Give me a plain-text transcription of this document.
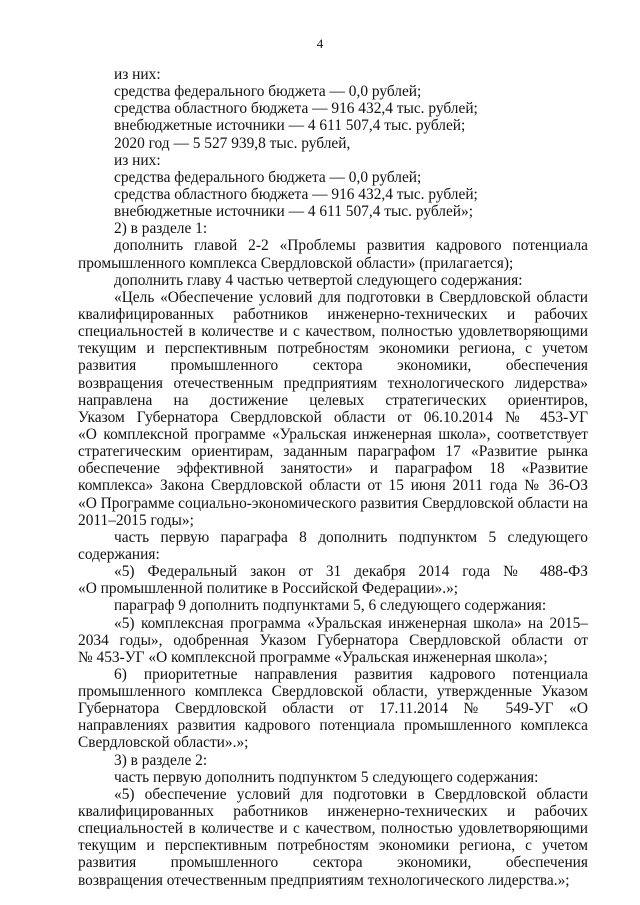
4
из них:
средства федерального бюджета — 0,0 рублей;
средства областного бюджета — 916 432,4 тыс. рублей;
внебюджетные источники — 4 611 507,4 тыс. рублей;
2020 год — 5 527 939,8 тыс. рублей,
из них:
средства федерального бюджета — 0,0 рублей;
средства областного бюджета — 916 432,4 тыс. рублей;
внебюджетные источники — 4 611 507,4 тыс. рублей»;
2) в разделе 1:
дополнить главой 2-2 «Проблемы развития кадрового потенциала
промышленного комплекса Свердловской области» (прилагается);
дополнить главу 4 частью четвертой следующего содержания:
«Цель «Обеспечение условий для подготовки в Свердловской области
квалифицированных работников инженерно-технических и рабочих
специальностей в количестве и с качеством, полностью удовлетворяющими
текущим и перспективным потребностям экономики региона, с учетом
развития промышленного сектора экономики, обеспечения
возвращения отечественным предприятиям технологического лидерства»
направлена на достижение целевых стратегических ориентиров,
Указом Губернатора Свердловской области от 06.10.2014 № 453-УГ
«О комплексной программе «Уральская инженерная школа», соответствует
стратегическим ориентирам, заданным параграфом 17 «Развитие рынка
обеспечение эффективной занятости» и параграфом 18 «Развитие
комплекса» Закона Свердловской области от 15 июня 2011 года № 36-ОЗ
«О Программе социально-экономического развития Свердловской области на
2011–2015 годы»;
часть первую параграфа 8 дополнить подпунктом 5 следующего
содержания:
«5) Федеральный закон от 31 декабря 2014 года № 488-ФЗ
«О промышленной политике в Российской Федерации».»;
параграф 9 дополнить подпунктами 5, 6 следующего содержания:
«5) комплексная программа «Уральская инженерная школа» на 2015–
2034 годы», одобренная Указом Губернатора Свердловской области от
№ 453-УГ «О комплексной программе «Уральская инженерная школа»;
6) приоритетные направления развития кадрового потенциала
промышленного комплекса Свердловской области, утвержденные Указом
Губернатора Свердловской области от 17.11.2014 № 549-УГ «О
направлениях развития кадрового потенциала промышленного комплекса
Свердловской области».»;
3) в разделе 2:
часть первую дополнить подпунктом 5 следующего содержания:
«5) обеспечение условий для подготовки в Свердловской области
квалифицированных работников инженерно-технических и рабочих
специальностей в количестве и с качеством, полностью удовлетворяющими
текущим и перспективным потребностям экономики региона, с учетом
развития промышленного сектора экономики, обеспечения
возвращения отечественным предприятиям технологического лидерства.»;
